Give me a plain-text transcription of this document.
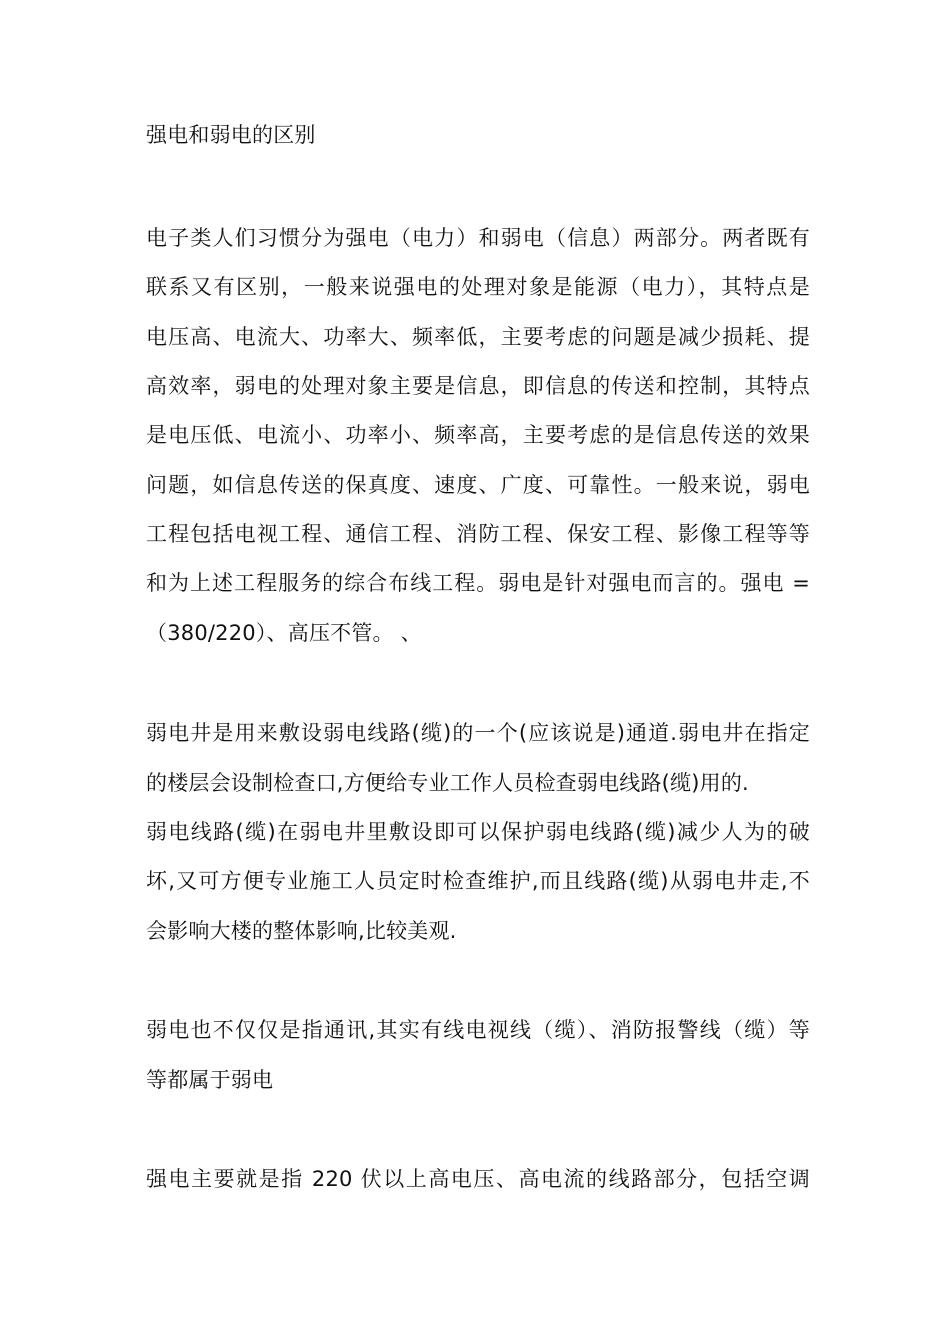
强电和弱电的区别
电子类人们习惯分为强电（电力）和弱电（信息）两部分。两者既有
联系又有区别，一般来说强电的处理对象是能源（电力），其特点是
电压高、电流大、功率大、频率低，主要考虑的问题是减少损耗、提
高效率，弱电的处理对象主要是信息，即信息的传送和控制，其特点
是电压低、电流小、功率小、频率高，主要考虑的是信息传送的效果
问题，如信息传送的保真度、速度、广度、可靠性。一般来说，弱电
工程包括电视工程、通信工程、消防工程、保安工程、影像工程等等
和为上述工程服务的综合布线工程。弱电是针对强电而言的。强电 =
（380/220）、高压不管。 、
弱电井是用来敷设弱电线路(缆)的一个(应该说是)通道.弱电井在指定
的楼层会设制检查口,方便给专业工作人员检查弱电线路(缆)用的.
弱电线路(缆)在弱电井里敷设即可以保护弱电线路(缆)减少人为的破
坏,又可方便专业施工人员定时检查维护,而且线路(缆)从弱电井走,不
会影响大楼的整体影响,比较美观.
弱电也不仅仅是指通讯,其实有线电视线（缆）、消防报警线（缆）等
等都属于弱电
强电主要就是指 220 伏以上高电压、高电流的线路部分，包括空调
